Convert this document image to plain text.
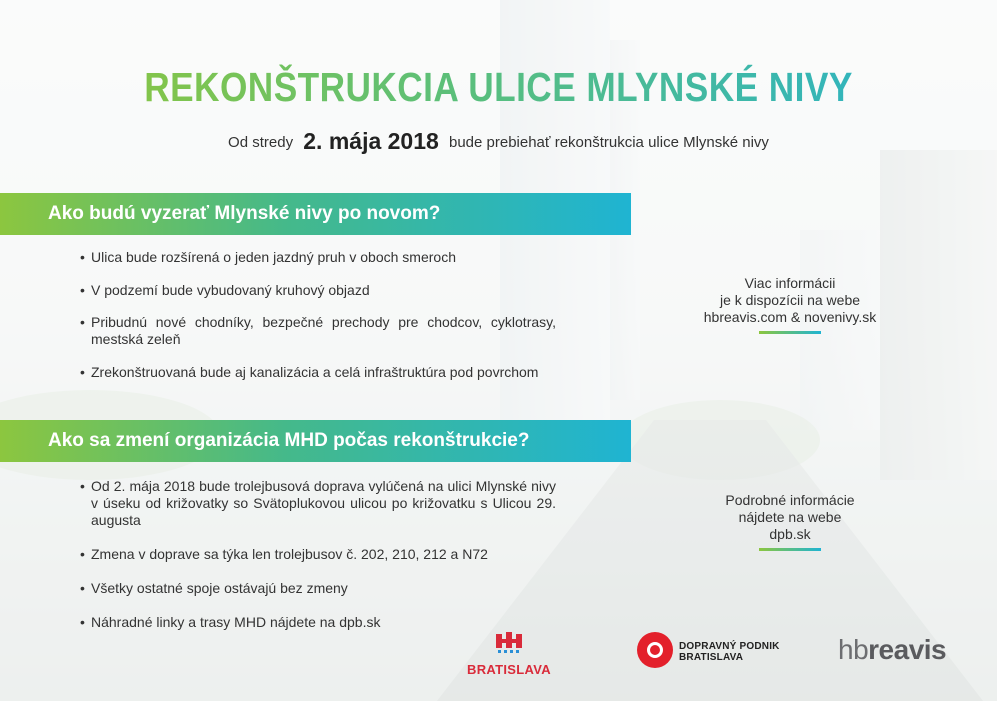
REKONŠTRUKCIA ULICE MLYNSKÉ NIVY
Od stredy 2. mája 2018 bude prebiehať rekonštrukcia ulice Mlynské nivy
Ako budú vyzerať Mlynské nivy po novom?
• Ulica bude rozšírená o jeden jazdný pruh v oboch smeroch
• V podzemí bude vybudovaný kruhový objazd
• Pribudnú nové chodníky, bezpečné prechody pre chodcov, cyklotrasy, mestská zeleň
• Zrekonštruovaná bude aj kanalizácia a celá infraštruktúra pod povrchom
Ako sa zmení organizácia MHD počas rekonštrukcie?
• Od 2. mája 2018 bude trolejbusová doprava vylúčená na ulici Mlynské nivy v úseku od križovatky so Svätoplukovou ulicou po križovatku s Ulicou 29. augusta
• Zmena v doprave sa týka len trolejbusov č. 202, 210, 212 a N72
• Všetky ostatné spoje ostávajú bez zmeny
• Náhradné linky a trasy MHD nájdete na dpb.sk
Viac informácii
je k dispozícii na webe
hbreavis.com & novenivy.sk
Podrobné informácie
nájdete na webe
dpb.sk
BRATISLAVA
DOPRAVNÝ PODNIK
BRATISLAVA	hbreavis
